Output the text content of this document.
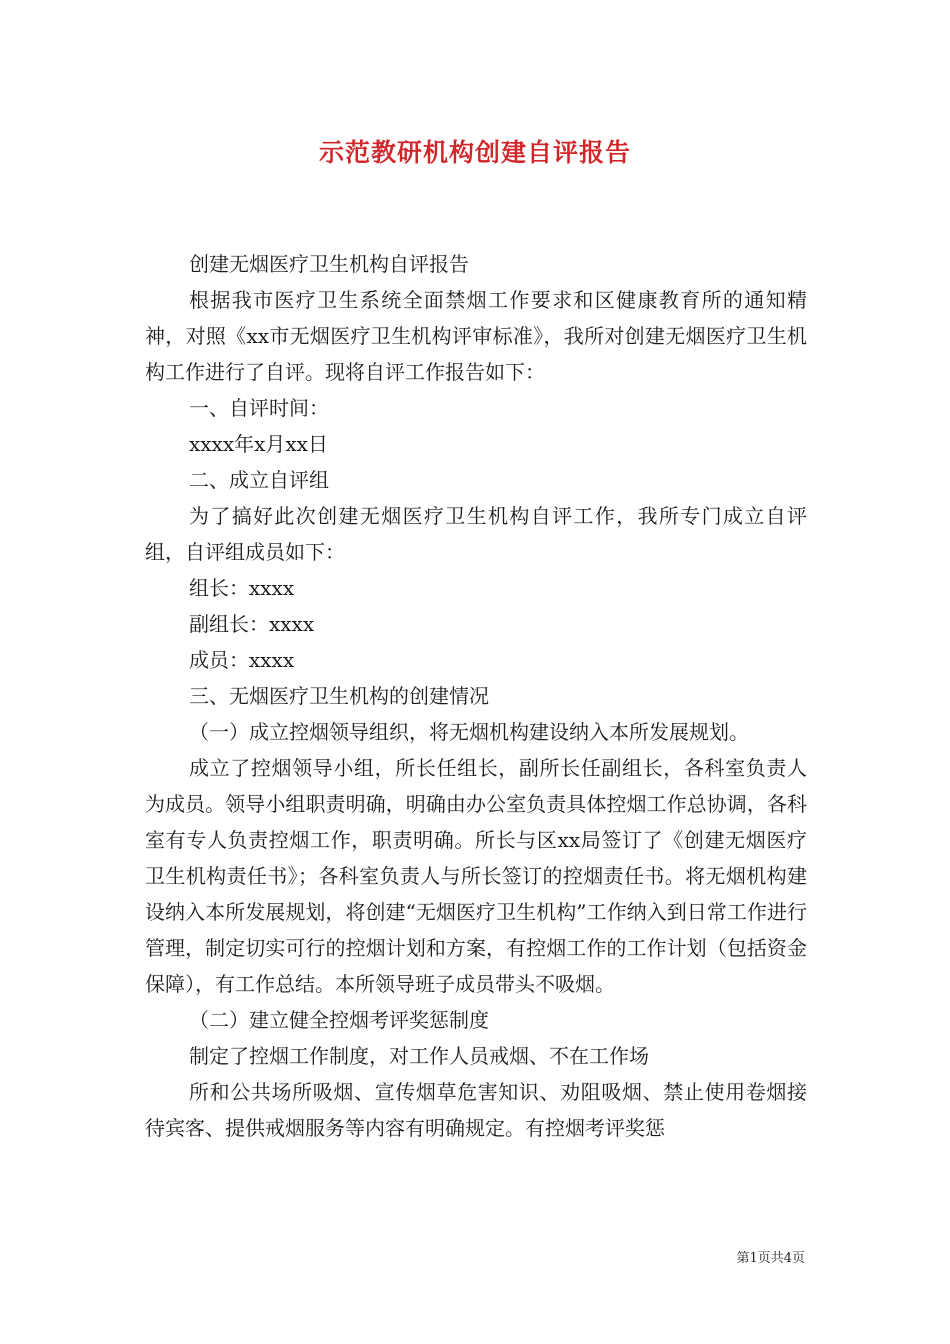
示范教研机构创建自评报告

创建无烟医疗卫生机构自评报告

根据我市医疗卫生系统全面禁烟工作要求和区健康教育所的通知精神，对照《xx市无烟医疗卫生机构评审标准》，我所对创建无烟医疗卫生机构工作进行了自评。现将自评工作报告如下：

一、自评时间：

xxxx年x月xx日

二、成立自评组

为了搞好此次创建无烟医疗卫生机构自评工作，我所专门成立自评组，自评组成员如下：

组长：xxxx

副组长：xxxx

成员：xxxx

三、无烟医疗卫生机构的创建情况

（一）成立控烟领导组织，将无烟机构建设纳入本所发展规划。

成立了控烟领导小组，所长任组长，副所长任副组长，各科室负责人为成员。领导小组职责明确，明确由办公室负责具体控烟工作总协调，各科室有专人负责控烟工作，职责明确。所长与区xx局签订了《创建无烟医疗卫生机构责任书》；各科室负责人与所长签订的控烟责任书。将无烟机构建设纳入本所发展规划，将创建“无烟医疗卫生机构”工作纳入到日常工作进行管理，制定切实可行的控烟计划和方案，有控烟工作的工作计划（包括资金保障），有工作总结。本所领导班子成员带头不吸烟。

（二）建立健全控烟考评奖惩制度

制定了控烟工作制度，对工作人员戒烟、不在工作场

所和公共场所吸烟、宣传烟草危害知识、劝阻吸烟、禁止使用卷烟接待宾客、提供戒烟服务等内容有明确规定。有控烟考评奖惩

第1页共4页
